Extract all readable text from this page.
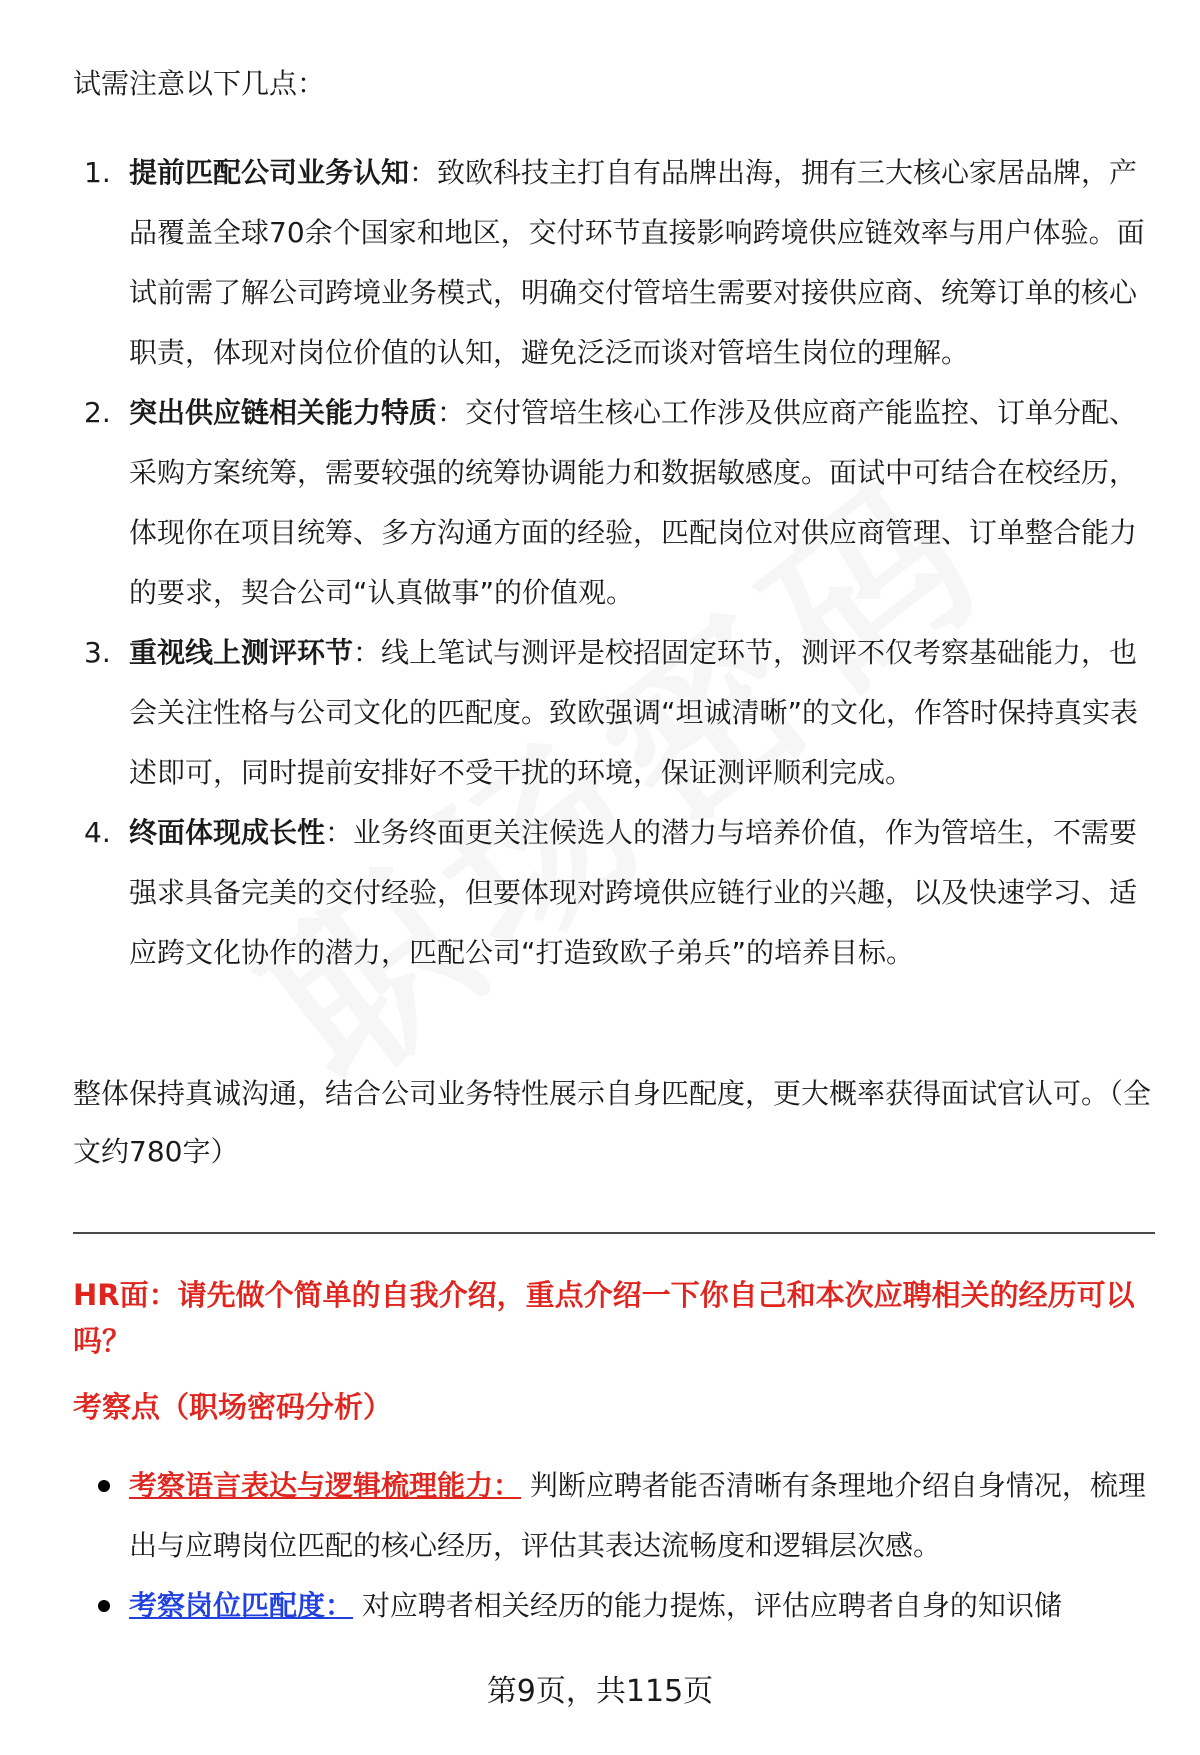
试需注意以下几点：

1. 提前匹配公司业务认知：致欧科技主打自有品牌出海，拥有三大核心家居品牌，产品覆盖全球70余个国家和地区，交付环节直接影响跨境供应链效率与用户体验。面试前需了解公司跨境业务模式，明确交付管培生需要对接供应商、统筹订单的核心职责，体现对岗位价值的认知，避免泛泛而谈对管培生岗位的理解。
2. 突出供应链相关能力特质：交付管培生核心工作涉及供应商产能监控、订单分配、采购方案统筹，需要较强的统筹协调能力和数据敏感度。面试中可结合在校经历，体现你在项目统筹、多方沟通方面的经验，匹配岗位对供应商管理、订单整合能力的要求，契合公司“认真做事”的价值观。
3. 重视线上测评环节：线上笔试与测评是校招固定环节，测评不仅考察基础能力，也会关注性格与公司文化的匹配度。致欧强调“坦诚清晰”的文化，作答时保持真实表述即可，同时提前安排好不受干扰的环境，保证测评顺利完成。
4. 终面体现成长性：业务终面更关注候选人的潜力与培养价值，作为管培生，不需要强求具备完美的交付经验，但要体现对跨境供应链行业的兴趣，以及快速学习、适应跨文化协作的潜力，匹配公司“打造致欧子弟兵”的培养目标。

整体保持真诚沟通，结合公司业务特性展示自身匹配度，更大概率获得面试官认可。（全文约780字）

HR面：请先做个简单的自我介绍，重点介绍一下你自己和本次应聘相关的经历可以吗？

考察点（职场密码分析）

考察语言表达与逻辑梳理能力： 判断应聘者能否清晰有条理地介绍自身情况，梳理出与应聘岗位匹配的核心经历，评估其表达流畅度和逻辑层次感。
考察岗位匹配度： 对应聘者相关经历的能力提炼，评估应聘者自身的知识储

第9页，共115页
